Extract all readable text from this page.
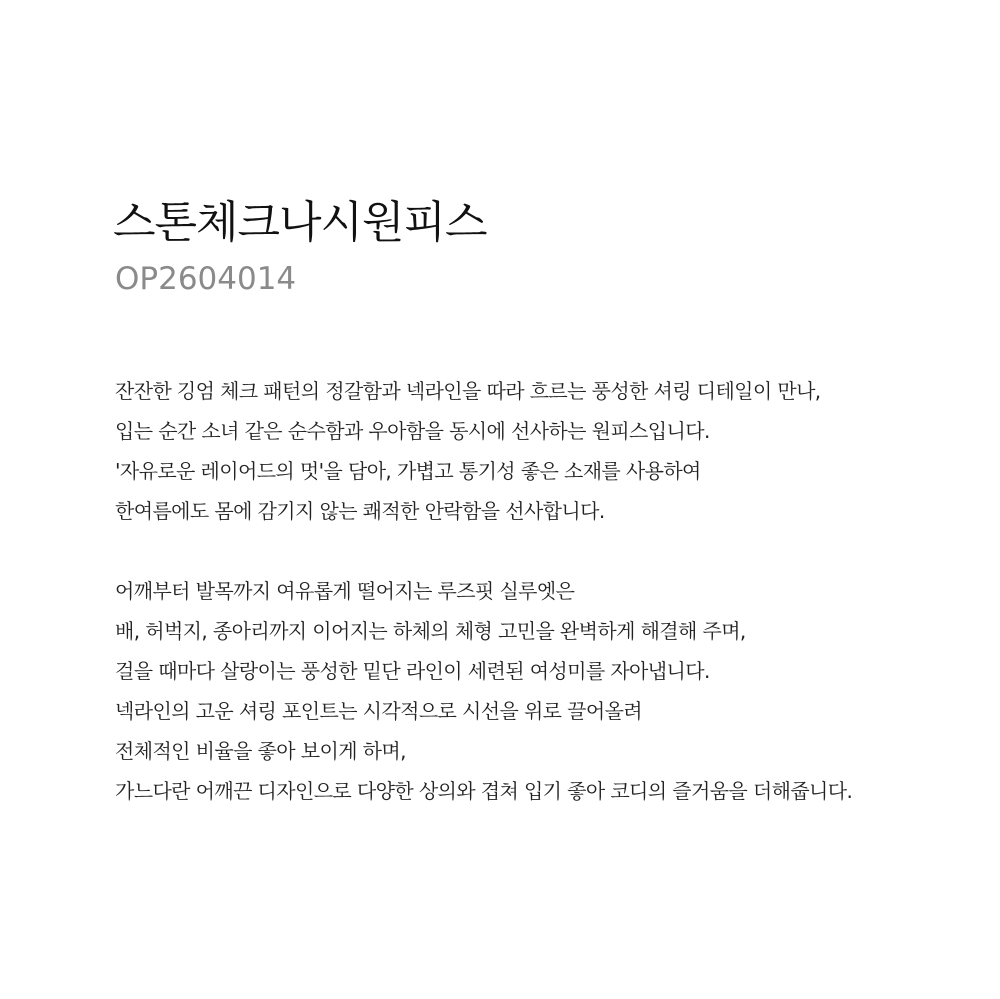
스톤체크나시원피스
OP2604014

잔잔한 깅엄 체크 패턴의 정갈함과 넥라인을 따라 흐르는 풍성한 셔링 디테일이 만나,
입는 순간 소녀 같은 순수함과 우아함을 동시에 선사하는 원피스입니다.
'자유로운 레이어드의 멋'을 담아, 가볍고 통기성 좋은 소재를 사용하여
한여름에도 몸에 감기지 않는 쾌적한 안락함을 선사합니다.

어깨부터 발목까지 여유롭게 떨어지는 루즈핏 실루엣은
배, 허벅지, 종아리까지 이어지는 하체의 체형 고민을 완벽하게 해결해 주며,
걸을 때마다 살랑이는 풍성한 밑단 라인이 세련된 여성미를 자아냅니다.
넥라인의 고운 셔링 포인트는 시각적으로 시선을 위로 끌어올려
전체적인 비율을 좋아 보이게 하며,
가느다란 어깨끈 디자인으로 다양한 상의와 겹쳐 입기 좋아 코디의 즐거움을 더해줍니다.
